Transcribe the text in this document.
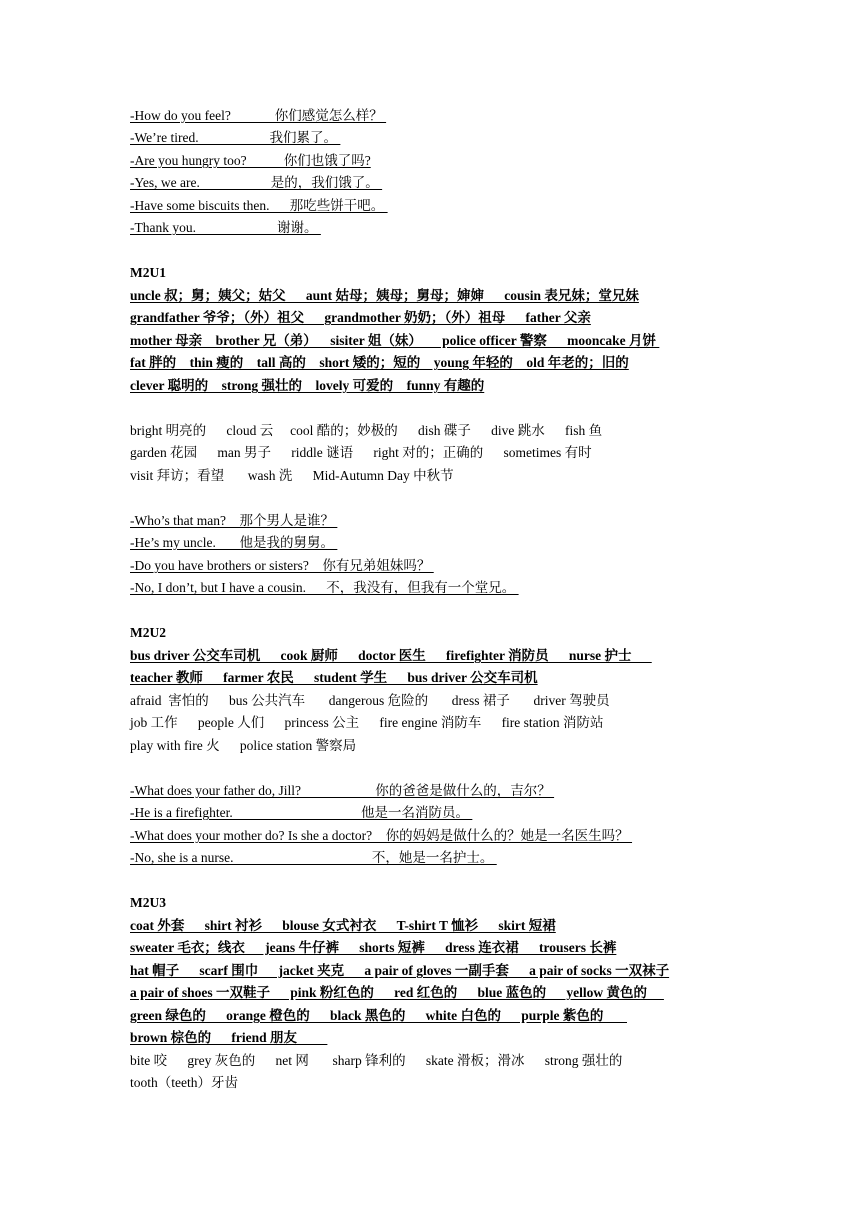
-How do you feel?             你们感觉怎么样？
-We’re tired.                     我们累了。
-Are you hungry too?           你们也饿了吗?
-Yes, we are.                     是的，我们饿了。
-Have some biscuits then.      那吃些饼干吧。
-Thank you.                        谢谢。
M2U1
uncle 叔；舅；姨父；姑父      aunt 姑母；姨母；舅母；婶婶      cousin 表兄妹；堂兄妹
grandfather 爷爷；（外）祖父      grandmother 奶奶；（外）祖母      father 父亲
mother 母亲    brother 兄（弟）    sisiter 姐（妹）      police officer 警察      mooncake 月饼
fat 胖的    thin 瘦的    tall 高的    short 矮的；短的    young 年轻的    old 年老的；旧的
clever 聪明的    strong 强壮的    lovely 可爱的    funny 有趣的
bright 明亮的      cloud 云     cool 酷的；妙极的      dish 碟子      dive 跳水      fish 鱼
garden 花园      man 男子      riddle 谜语      right 对的；正确的      sometimes 有时
visit 拜访；看望       wash 洗      Mid-Autumn Day 中秋节
-Who’s that man?    那个男人是谁？
-He’s my uncle.       他是我的舅舅。
-Do you have brothers or sisters?    你有兄弟姐妹吗？
-No, I don’t, but I have a cousin.      不，我没有，但我有一个堂兄。
M2U2
bus driver 公交车司机      cook 厨师      doctor 医生      firefighter 消防员      nurse 护士
teacher 教师      farmer 农民      student 学生      bus driver 公交车司机
afraid  害怕的      bus 公共汽车       dangerous 危险的       dress 裙子       driver 驾驶员
job 工作      people 人们      princess 公主      fire engine 消防车      fire station 消防站
play with fire 火      police station 警察局
-What does your father do, Jill?                      你的爸爸是做什么的，吉尔？
-He is a firefighter.                                      他是一名消防员。
-What does your mother do? Is she a doctor?    你的妈妈是做什么的？她是一名医生吗？
-No, she is a nurse.                                         不，她是一名护士。
M2U3
coat 外套      shirt 衬衫      blouse 女式衬衣      T-shirt T 恤衫      skirt 短裙
sweater 毛衣；线衣      jeans 牛仔裤      shorts 短裤      dress 连衣裙      trousers 长裤
hat 帽子      scarf 围巾      jacket 夹克      a pair of gloves 一副手套      a pair of socks 一双袜子
a pair of shoes 一双鞋子      pink 粉红色的      red 红色的      blue 蓝色的      yellow 黄色的
green 绿色的      orange 橙色的      black 黑色的      white 白色的      purple 紫色的
brown 棕色的      friend 朋友
bite 咬      grey 灰色的      net 网       sharp 锋利的      skate 滑板；滑冰      strong 强壮的
tooth（teeth）牙齿
